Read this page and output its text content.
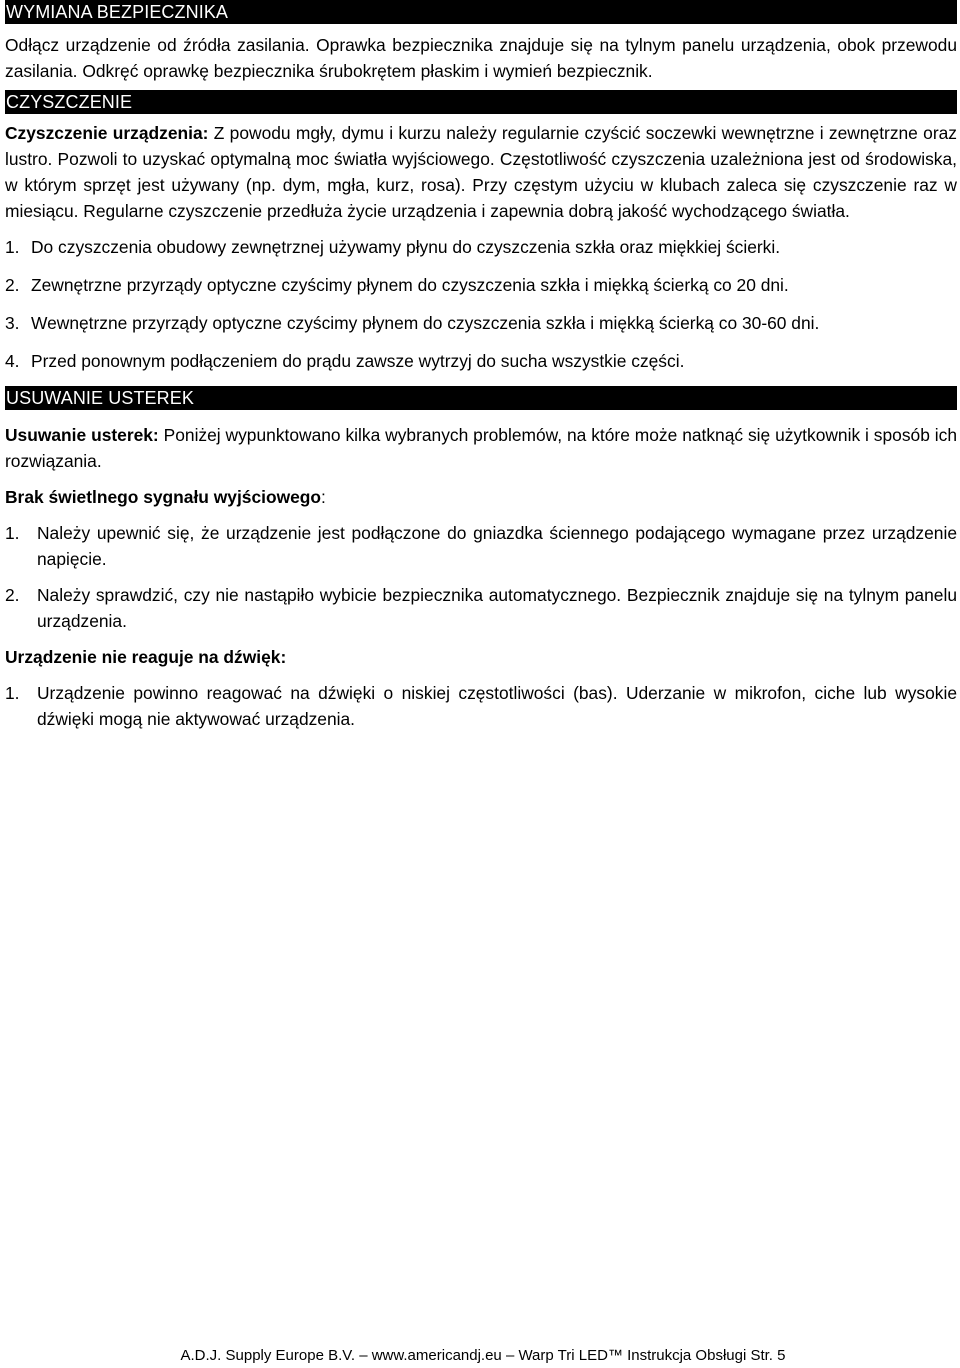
WYMIANA BEZPIECZNIKA

Odłącz urządzenie od źródła zasilania. Oprawka bezpiecznika znajduje się na tylnym panelu urządzenia, obok przewodu zasilania. Odkręć oprawkę bezpiecznika śrubokrętem płaskim i wymień bezpiecznik.

CZYSZCZENIE

Czyszczenie urządzenia: Z powodu mgły, dymu i kurzu należy regularnie czyścić soczewki wewnętrzne i zewnętrzne oraz lustro. Pozwoli to uzyskać optymalną moc światła wyjściowego. Częstotliwość czyszczenia uzależniona jest od środowiska, w którym sprzęt jest używany (np. dym, mgła, kurz, rosa). Przy częstym użyciu w klubach zaleca się czyszczenie raz w miesiącu. Regularne czyszczenie przedłuża życie urządzenia i zapewnia dobrą jakość wychodzącego światła.

1. Do czyszczenia obudowy zewnętrznej używamy płynu do czyszczenia szkła oraz miękkiej ścierki.
2. Zewnętrzne przyrządy optyczne czyścimy płynem do czyszczenia szkła i miękką ścierką co 20 dni.
3. Wewnętrzne przyrządy optyczne czyścimy płynem do czyszczenia szkła i miękką ścierką co 30-60 dni.
4. Przed ponownym podłączeniem do prądu zawsze wytrzyj do sucha wszystkie części.
USUWANIE USTEREK

Usuwanie usterek: Poniżej wypunktowano kilka wybranych problemów, na które może natknąć się użytkownik i sposób ich rozwiązania.

Brak świetlnego sygnału wyjściowego:

1.	Należy upewnić się, że urządzenie jest podłączone do gniazdka ściennego podającego wymagane przez urządzenie napięcie.
2.	Należy sprawdzić, czy nie nastąpiło wybicie bezpiecznika automatycznego. Bezpiecznik znajduje się na tylnym panelu urządzenia.

Urządzenie nie reaguje na dźwięk:

1.	Urządzenie powinno reagować na dźwięki o niskiej częstotliwości (bas). Uderzanie w mikrofon, ciche lub wysokie dźwięki mogą nie aktywować urządzenia.
A.D.J. Supply Europe B.V. – www.americandj.eu – Warp Tri LED™ Instrukcja Obsługi Str. 5
